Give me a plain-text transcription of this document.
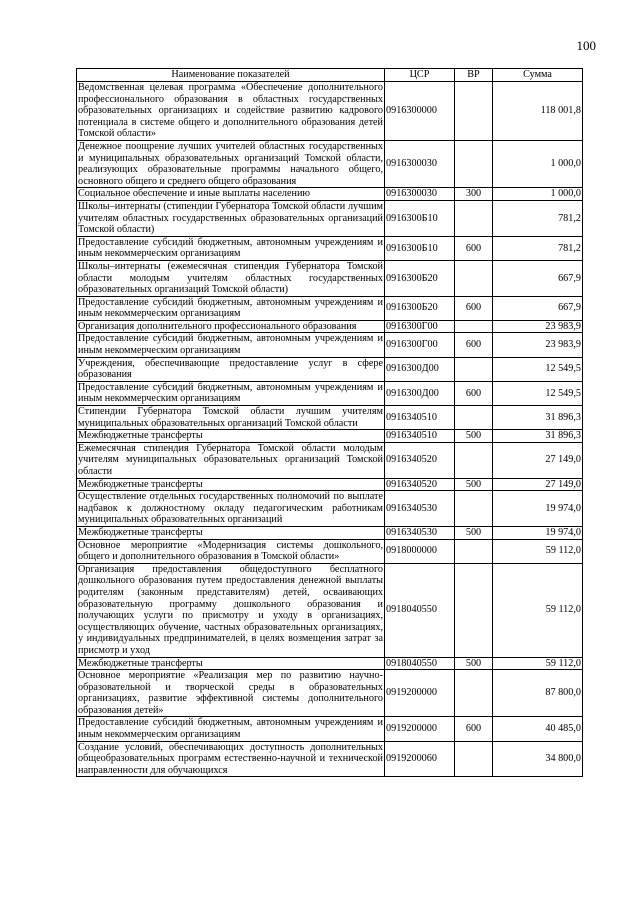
100
Наименование показателей	ЦСР	ВР	Сумма
Ведомственная целевая программа «Обеспечение дополнительного профессионального образования в областных государственных образовательных организациях и содействие развитию кадрового потенциала в системе общего и дополнительного образования детей Томской области»	0916300000		118 001,8
Денежное поощрение лучших учителей областных государственных и муниципальных образовательных организаций Томской области, реализующих образовательные программы начального общего, основного общего и среднего общего образования	0916300030		1 000,0
Социальное обеспечение и иные выплаты населению	0916300030	300	1 000,0
Школы–интернаты (стипендии Губернатора Томской области лучшим учителям областных государственных образовательных организаций Томской области)	0916300Б10		781,2
Предоставление субсидий бюджетным, автономным учреждениям и иным некоммерческим организациям	0916300Б10	600	781,2
Школы–интернаты (ежемесячная стипендия Губернатора Томской области молодым учителям областных государственных образовательных организаций Томской области)	0916300Б20		667,9
Предоставление субсидий бюджетным, автономным учреждениям и иным некоммерческим организациям	0916300Б20	600	667,9
Организация дополнительного профессионального образования	0916300Г00		23 983,9
Предоставление субсидий бюджетным, автономным учреждениям и иным некоммерческим организациям	0916300Г00	600	23 983,9
Учреждения, обеспечивающие предоставление услуг в сфере образования	0916300Д00		12 549,5
Предоставление субсидий бюджетным, автономным учреждениям и иным некоммерческим организациям	0916300Д00	600	12 549,5
Стипендии Губернатора Томской области лучшим учителям муниципальных образовательных организаций Томской области	0916340510		31 896,3
Межбюджетные трансферты	0916340510	500	31 896,3
Ежемесячная стипендия Губернатора Томской области молодым учителям муниципальных образовательных организаций Томской области	0916340520		27 149,0
Межбюджетные трансферты	0916340520	500	27 149,0
Осуществление отдельных государственных полномочий по выплате надбавок к должностному окладу педагогическим работникам муниципальных образовательных организаций	0916340530		19 974,0
Межбюджетные трансферты	0916340530	500	19 974,0
Основное мероприятие «Модернизация системы дошкольного, общего и дополнительного образования в Томской области»	0918000000		59 112,0
Организация предоставления общедоступного бесплатного дошкольного образования путем предоставления денежной выплаты родителям (законным представителям) детей, осваивающих образовательную программу дошкольного образования и получающих услуги по присмотру и уходу в организациях, осуществляющих обучение, частных образовательных организациях, у индивидуальных предпринимателей, в целях возмещения затрат за присмотр и уход	0918040550		59 112,0
Межбюджетные трансферты	0918040550	500	59 112,0
Основное мероприятие «Реализация мер по развитию научно-образовательной и творческой среды в образовательных организациях, развитие эффективной системы дополнительного образования детей»	0919200000		87 800,0
Предоставление субсидий бюджетным, автономным учреждениям и иным некоммерческим организациям	0919200000	600	40 485,0
Создание условий, обеспечивающих доступность дополнительных общеобразовательных программ естественно-научной и технической направленности для обучающихся	0919200060		34 800,0
